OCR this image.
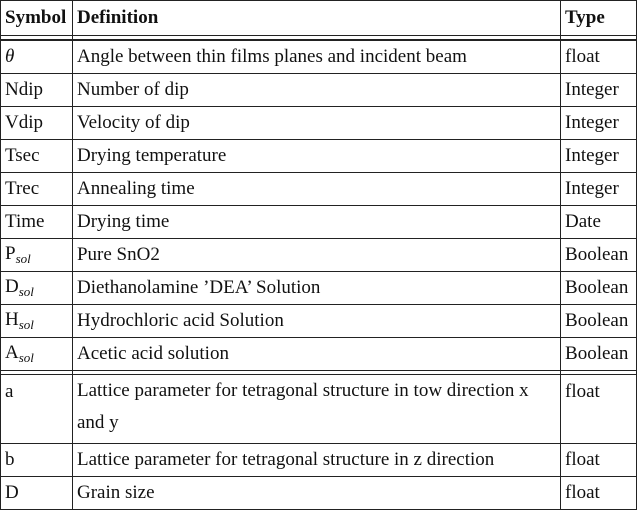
Symbol	Definition	Type

θ	Angle between thin films planes and incident beam	float
Ndip	Number of dip	Integer
Vdip	Velocity of dip	Integer
Tsec	Drying temperature	Integer
Trec	Annealing time	Integer
Time	Drying time	Date
$P_{sol}$	Pure SnO2	Boolean
$D_{sol}$	Diethanolamine ’DEA’ Solution	Boolean
$H_{sol}$	Hydrochloric acid Solution	Boolean
$A_{sol}$	Acetic acid solution	Boolean

a	Lattice parameter for tetragonal structure in tow direction x and y	float
b	Lattice parameter for tetragonal structure in z direction	float
D	Grain size	float
